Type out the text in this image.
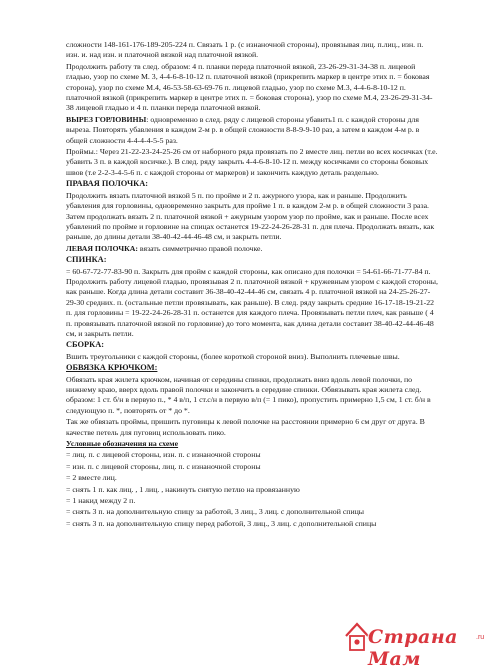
сложности 148-161-176-189-205-224 п. Связать 1 р. (с изнаночной стороны), провязывая лиц. п.лиц., изн. п. изн. и. над изн. и платочной вязкой над платочной вязкой.

Продолжить работу тв след. образом: 4 п. планки переда платочной вязкой, 23-26-29-31-34-38 п. лицевой гладью, узор по схеме М. 3, 4-4-6-8-10-12 п. платочной вязкой (прикрепить маркер в центре этих п. = боковая сторона), узор по схеме М.4, 46-53-58-63-69-76 п. лицевой гладью, узор по схеме М.3, 4-4-6-8-10-12 п. платочной вязкой (прикрепить маркер в центре этих п. = боковая сторона), узор по схеме М.4, 23-26-29-31-34-38 лицевой гладью и 4 п. планки переда платочной вязкой.

ВЫРЕЗ ГОРЛОВИНЫ: одновременно в след. ряду с лицевой стороны убавить1 п. с каждой стороны для выреза. Повторять убавления в каждом 2-м р. в общей сложности 8-8-9-9-10 раз, а затем в каждом 4-м р. в общей сложности 4-4-4-4-5-5 раз.

Проймы.: Через 21-22-23-24-25-26 см от наборного ряда провязать по 2 вместе лиц. петли во всех косичках (т.е. убавить 3 п. в каждой косичке.). В след. ряду закрыть 4-4-6-8-10-12 п. между косичками со стороны боковых швов (т.е 2-2-3-4-5-6 п. с каждой стороны от маркеров) и закончить каждую деталь раздельно.

ПРАВАЯ ПОЛОЧКА:

Продолжить вязать платочной вязкой 5 п. по пройме и 2 п. ажурного узора, как и раньше. Продолжить убавления для горловины, одновременно закрыть для пройме 1 п. в каждом 2-м р. в общей сложности 3 раза. Затем продолжать вязать 2 п. платочной вязкой + ажурным узором узор по пройме, как и раньше. После всех убавлений по пройме и горловине на спицах останется 19-22-24-26-28-31 п. для плеча. Продолжать вязать, как раньше, до длины детали 38-40-42-44-46-48 см, и закрыть петли.

ЛЕВАЯ ПОЛОЧКА: вязать симметрично правой полочке.

СПИНКА:

= 60-67-72-77-83-90 п. Закрыть для пройм с каждой стороны, как описано для полочки = 54-61-66-71-77-84 п. Продолжить работу лицевой гладью, провязывая 2 п. платочной вязкой + кружевным узором с каждой стороны, как раньше. Когда длина детали составит 36-38-40-42-44-46 см, связать 4 р. платочной вязкой на 24-25-26-27-29-30 средних. п. (остальные петли провязывать, как раньше). В след. ряду закрыть средние 16-17-18-19-21-22 п. для горловины = 19-22-24-26-28-31 п. останется для каждого плеча. Провязывать петли плеч, как раньше ( 4 п. провязывать платочной вязкой по горловине) до того момента, как длина детали составит 38-40-42-44-46-48 см, и закрыть петли.

СБОРКА:

Вшить треугольники с каждой стороны, (более короткой стороной вниз). Выполнить плечевые швы.

ОБВЯЗКА КРЮЧКОМ:

Обвязать края жилета крючком, начиная от середины спинки, продолжать вниз вдоль левой полочки, по нижнему краю, вверх вдоль правой полочки и закончить в середине спинки. Обвязывать края жилета след. образом: 1 ст. б/н в первую п., * 4 в/п, 1 ст.с/н в первую в/п (= 1 пико), пропустить примерно 1,5 см, 1 ст. б/н в следующую п. *, повторять от * до *.

Так же обвязать проймы, пришить пуговицы к левой полочке на расстоянии примерно 6 см друг от друга. В качестве петель для пуговиц использовать пико.

Условные обозначения на схеме

= лиц. п. с лицевой стороны, изн. п. с изнаночной стороны

= изн. п. с лицевой стороны, лиц. п. с изнаночной стороны

= 2 вместе лиц.

= снять 1 п. как лиц. , 1 лиц. , накинуть снятую петлю на провязанную

= 1 накид между 2 п.

= снять 3 п. на дополнительную спицу за работой, 3 лиц., 3 лиц. с дополнительной спицы

= снять 3 п. на дополнительную спицу перед работой, 3 лиц., 3 лиц. с дополнительной спицы

Страна Мам
.ru
